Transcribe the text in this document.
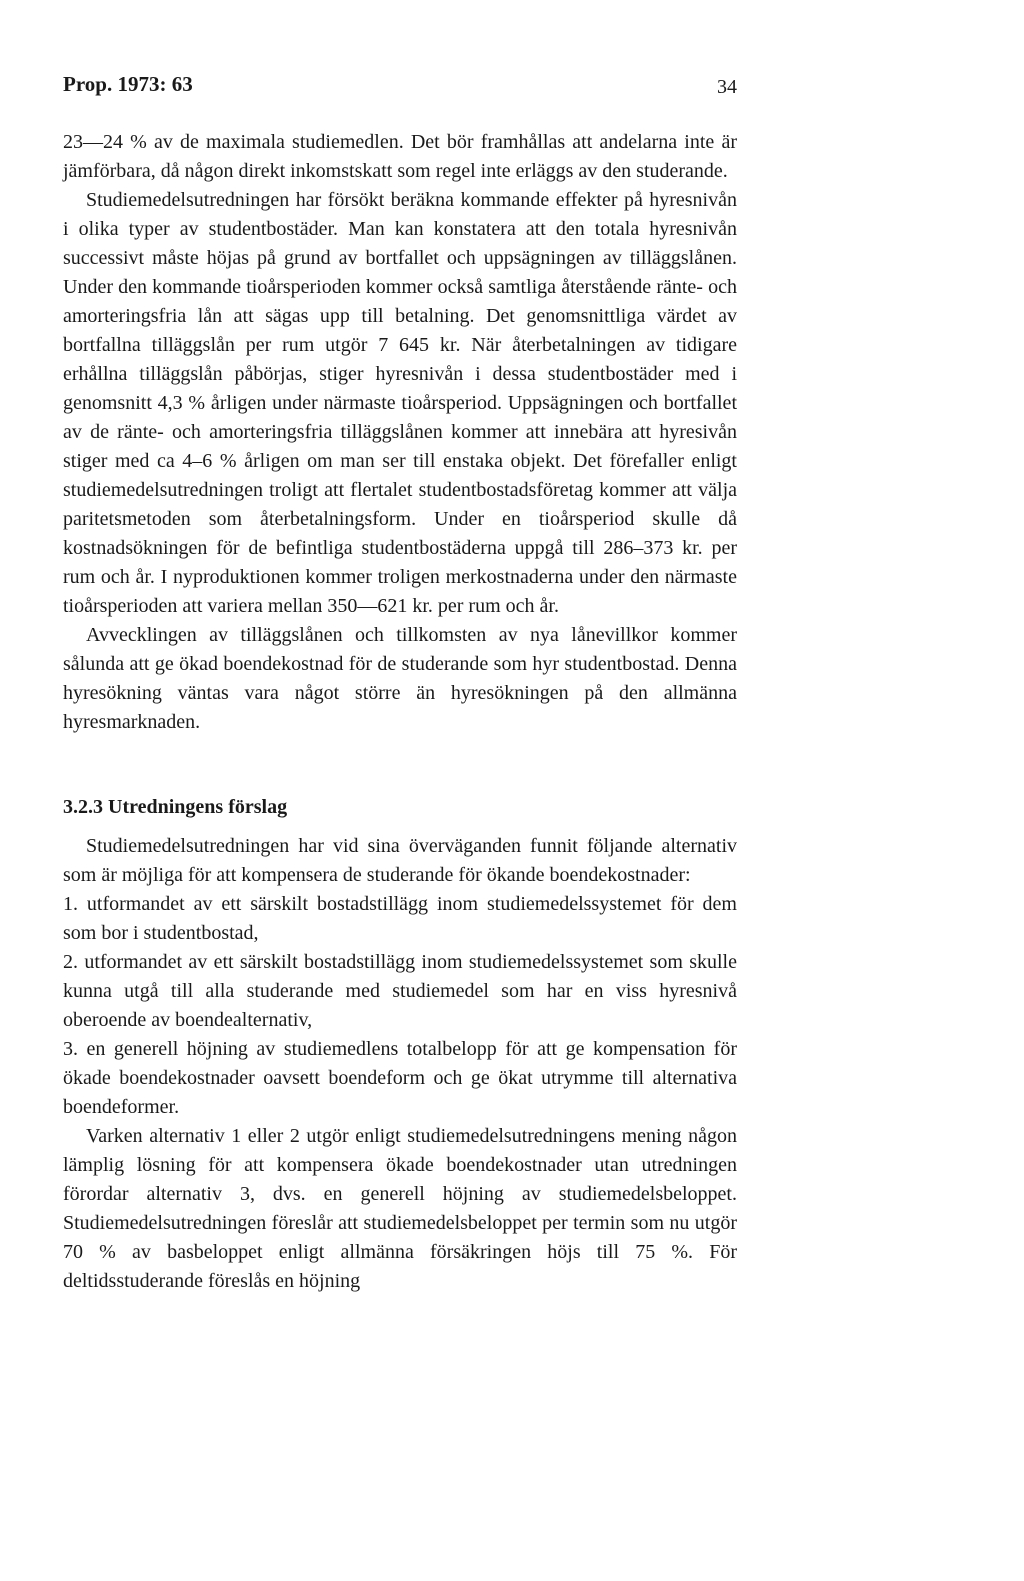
Prop. 1973: 63	34

23—24 % av de maximala studiemedlen. Det bör framhållas att andelarna inte är jämförbara, då någon direkt inkomstskatt som regel inte erläggs av den studerande.

Studiemedelsutredningen har försökt beräkna kommande effekter på hyresnivån i olika typer av studentbostäder. Man kan konstatera att den totala hyresnivån successivt måste höjas på grund av bortfallet och uppsägningen av tilläggslånen. Under den kommande tioårsperioden kommer också samtliga återstående ränte- och amorteringsfria lån att sägas upp till betalning. Det genomsnittliga värdet av bortfallna tilläggslån per rum utgör 7 645 kr. När återbetalningen av tidigare erhållna tilläggslån påbörjas, stiger hyresnivån i dessa studentbostäder med i genomsnitt 4,3 % årligen under närmaste tioårsperiod. Uppsägningen och bortfallet av de ränte- och amorteringsfria tilläggslånen kommer att innebära att hyresivån stiger med ca 4–6 % årligen om man ser till enstaka objekt. Det förefaller enligt studiemedelsutredningen troligt att flertalet studentbostadsföretag kommer att välja paritetsmetoden som återbetalningsform. Under en tioårsperiod skulle då kostnadsökningen för de befintliga studentbostäderna uppgå till 286–373 kr. per rum och år. I nyproduktionen kommer troligen merkostnaderna under den närmaste tioårsperioden att variera mellan 350—621 kr. per rum och år.

Avvecklingen av tilläggslånen och tillkomsten av nya lånevillkor kommer sålunda att ge ökad boendekostnad för de studerande som hyr studentbostad. Denna hyresökning väntas vara något större än hyresökningen på den allmänna hyresmarknaden.

3.2.3 Utredningens förslag

Studiemedelsutredningen har vid sina överväganden funnit följande alternativ som är möjliga för att kompensera de studerande för ökande boendekostnader:

1. utformandet av ett särskilt bostadstillägg inom studiemedelssystemet för dem som bor i studentbostad,
2. utformandet av ett särskilt bostadstillägg inom studiemedelssystemet som skulle kunna utgå till alla studerande med studiemedel som har en viss hyresnivå oberoende av boendealternativ,
3. en generell höjning av studiemedlens totalbelopp för att ge kompensation för ökade boendekostnader oavsett boendeform och ge ökat utrymme till alternativa boendeformer.

Varken alternativ 1 eller 2 utgör enligt studiemedelsutredningens mening någon lämplig lösning för att kompensera ökade boendekostnader utan utredningen förordar alternativ 3, dvs. en generell höjning av studiemedelsbeloppet. Studiemedelsutredningen föreslår att studiemedelsbeloppet per termin som nu utgör 70 % av basbeloppet enligt allmänna försäkringen höjs till 75 %. För deltidsstuderande föreslås en höjning
